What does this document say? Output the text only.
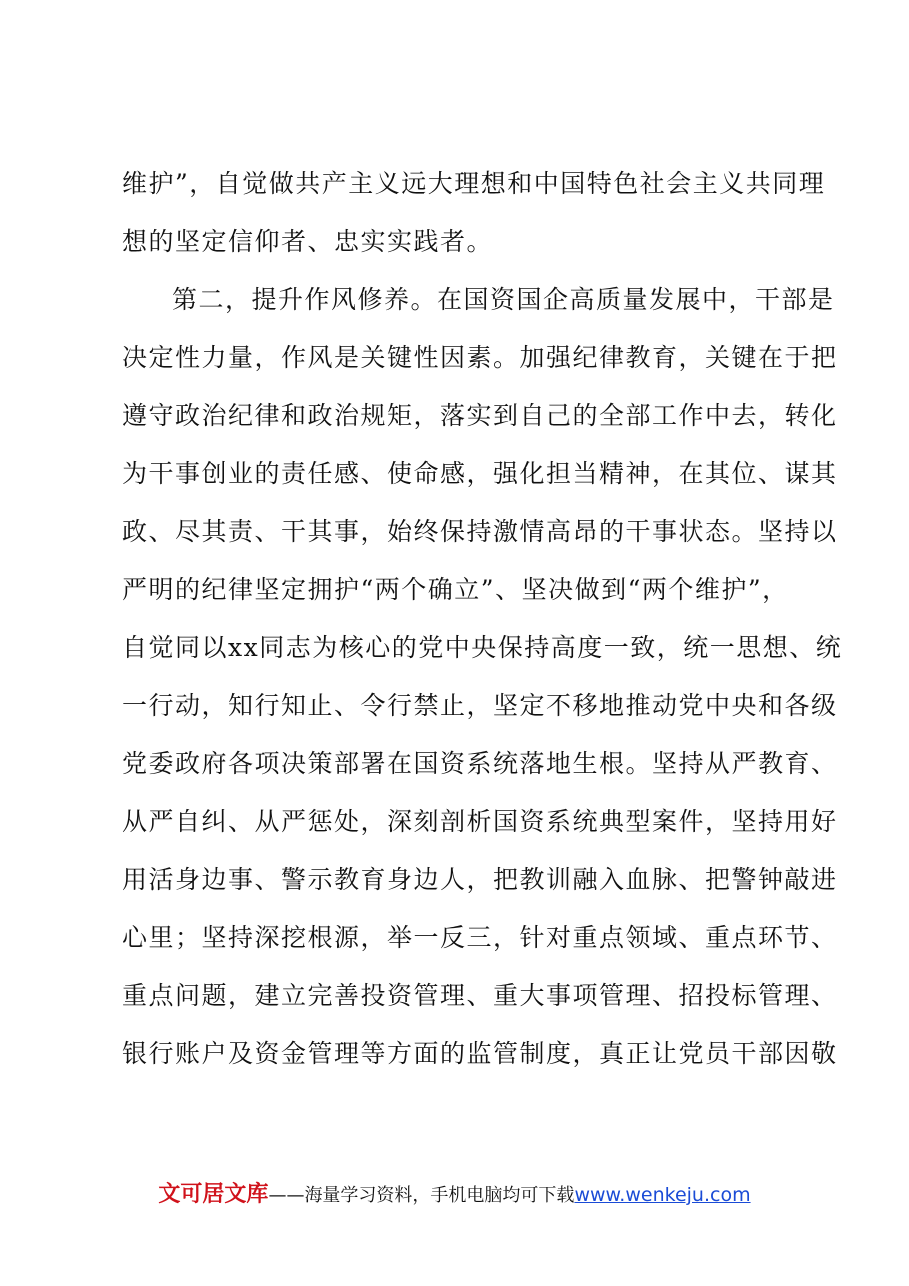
维护”，自觉做共产主义远大理想和中国特色社会主义共同理
想的坚定信仰者、忠实实践者。
第二，提升作风修养。在国资国企高质量发展中，干部是
决定性力量，作风是关键性因素。加强纪律教育，关键在于把
遵守政治纪律和政治规矩，落实到自己的全部工作中去，转化
为干事创业的责任感、使命感，强化担当精神，在其位、谋其
政、尽其责、干其事，始终保持激情高昂的干事状态。坚持以
严明的纪律坚定拥护“两个确立”、坚决做到“两个维护”，
自觉同以xx同志为核心的党中央保持高度一致，统一思想、统
一行动，知行知止、令行禁止，坚定不移地推动党中央和各级
党委政府各项决策部署在国资系统落地生根。坚持从严教育、
从严自纠、从严惩处，深刻剖析国资系统典型案件，坚持用好
用活身边事、警示教育身边人，把教训融入血脉、把警钟敲进
心里；坚持深挖根源，举一反三，针对重点领域、重点环节、
重点问题，建立完善投资管理、重大事项管理、招投标管理、
银行账户及资金管理等方面的监管制度，真正让党员干部因敬
文可居文库——海量学习资料，手机电脑均可下载www.wenkeju.com
